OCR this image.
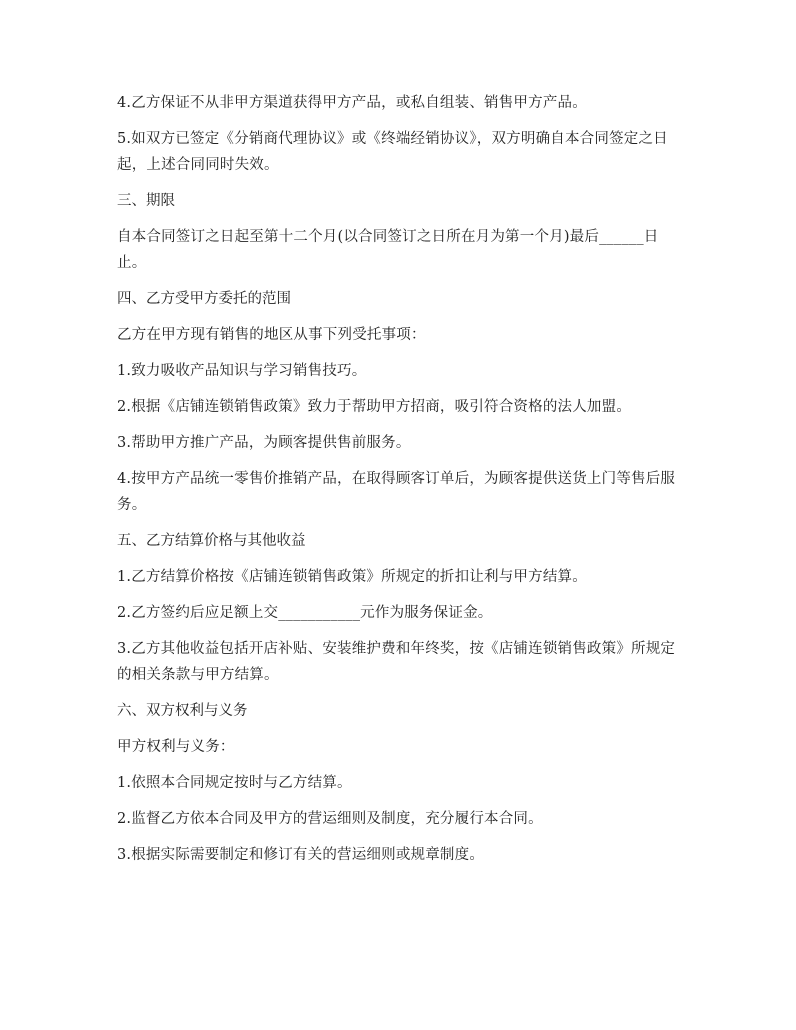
4.乙方保证不从非甲方渠道获得甲方产品，或私自组装、销售甲方产品。

5.如双方已签定《分销商代理协议》或《终端经销协议》，双方明确自本合同签定之日起，上述合同同时失效。

三、期限

自本合同签订之日起至第十二个月(以合同签订之日所在月为第一个月)最后______日止。

四、乙方受甲方委托的范围

乙方在甲方现有销售的地区从事下列受托事项：

1.致力吸收产品知识与学习销售技巧。

2.根据《店铺连锁销售政策》致力于帮助甲方招商，吸引符合资格的法人加盟。

3.帮助甲方推广产品，为顾客提供售前服务。

4.按甲方产品统一零售价推销产品，在取得顾客订单后，为顾客提供送货上门等售后服务。

五、乙方结算价格与其他收益

1.乙方结算价格按《店铺连锁销售政策》所规定的折扣让利与甲方结算。

2.乙方签约后应足额上交___________元作为服务保证金。

3.乙方其他收益包括开店补贴、安装维护费和年终奖，按《店铺连锁销售政策》所规定的相关条款与甲方结算。

六、双方权利与义务

甲方权利与义务：

1.依照本合同规定按时与乙方结算。

2.监督乙方依本合同及甲方的营运细则及制度，充分履行本合同。

3.根据实际需要制定和修订有关的营运细则或规章制度。
